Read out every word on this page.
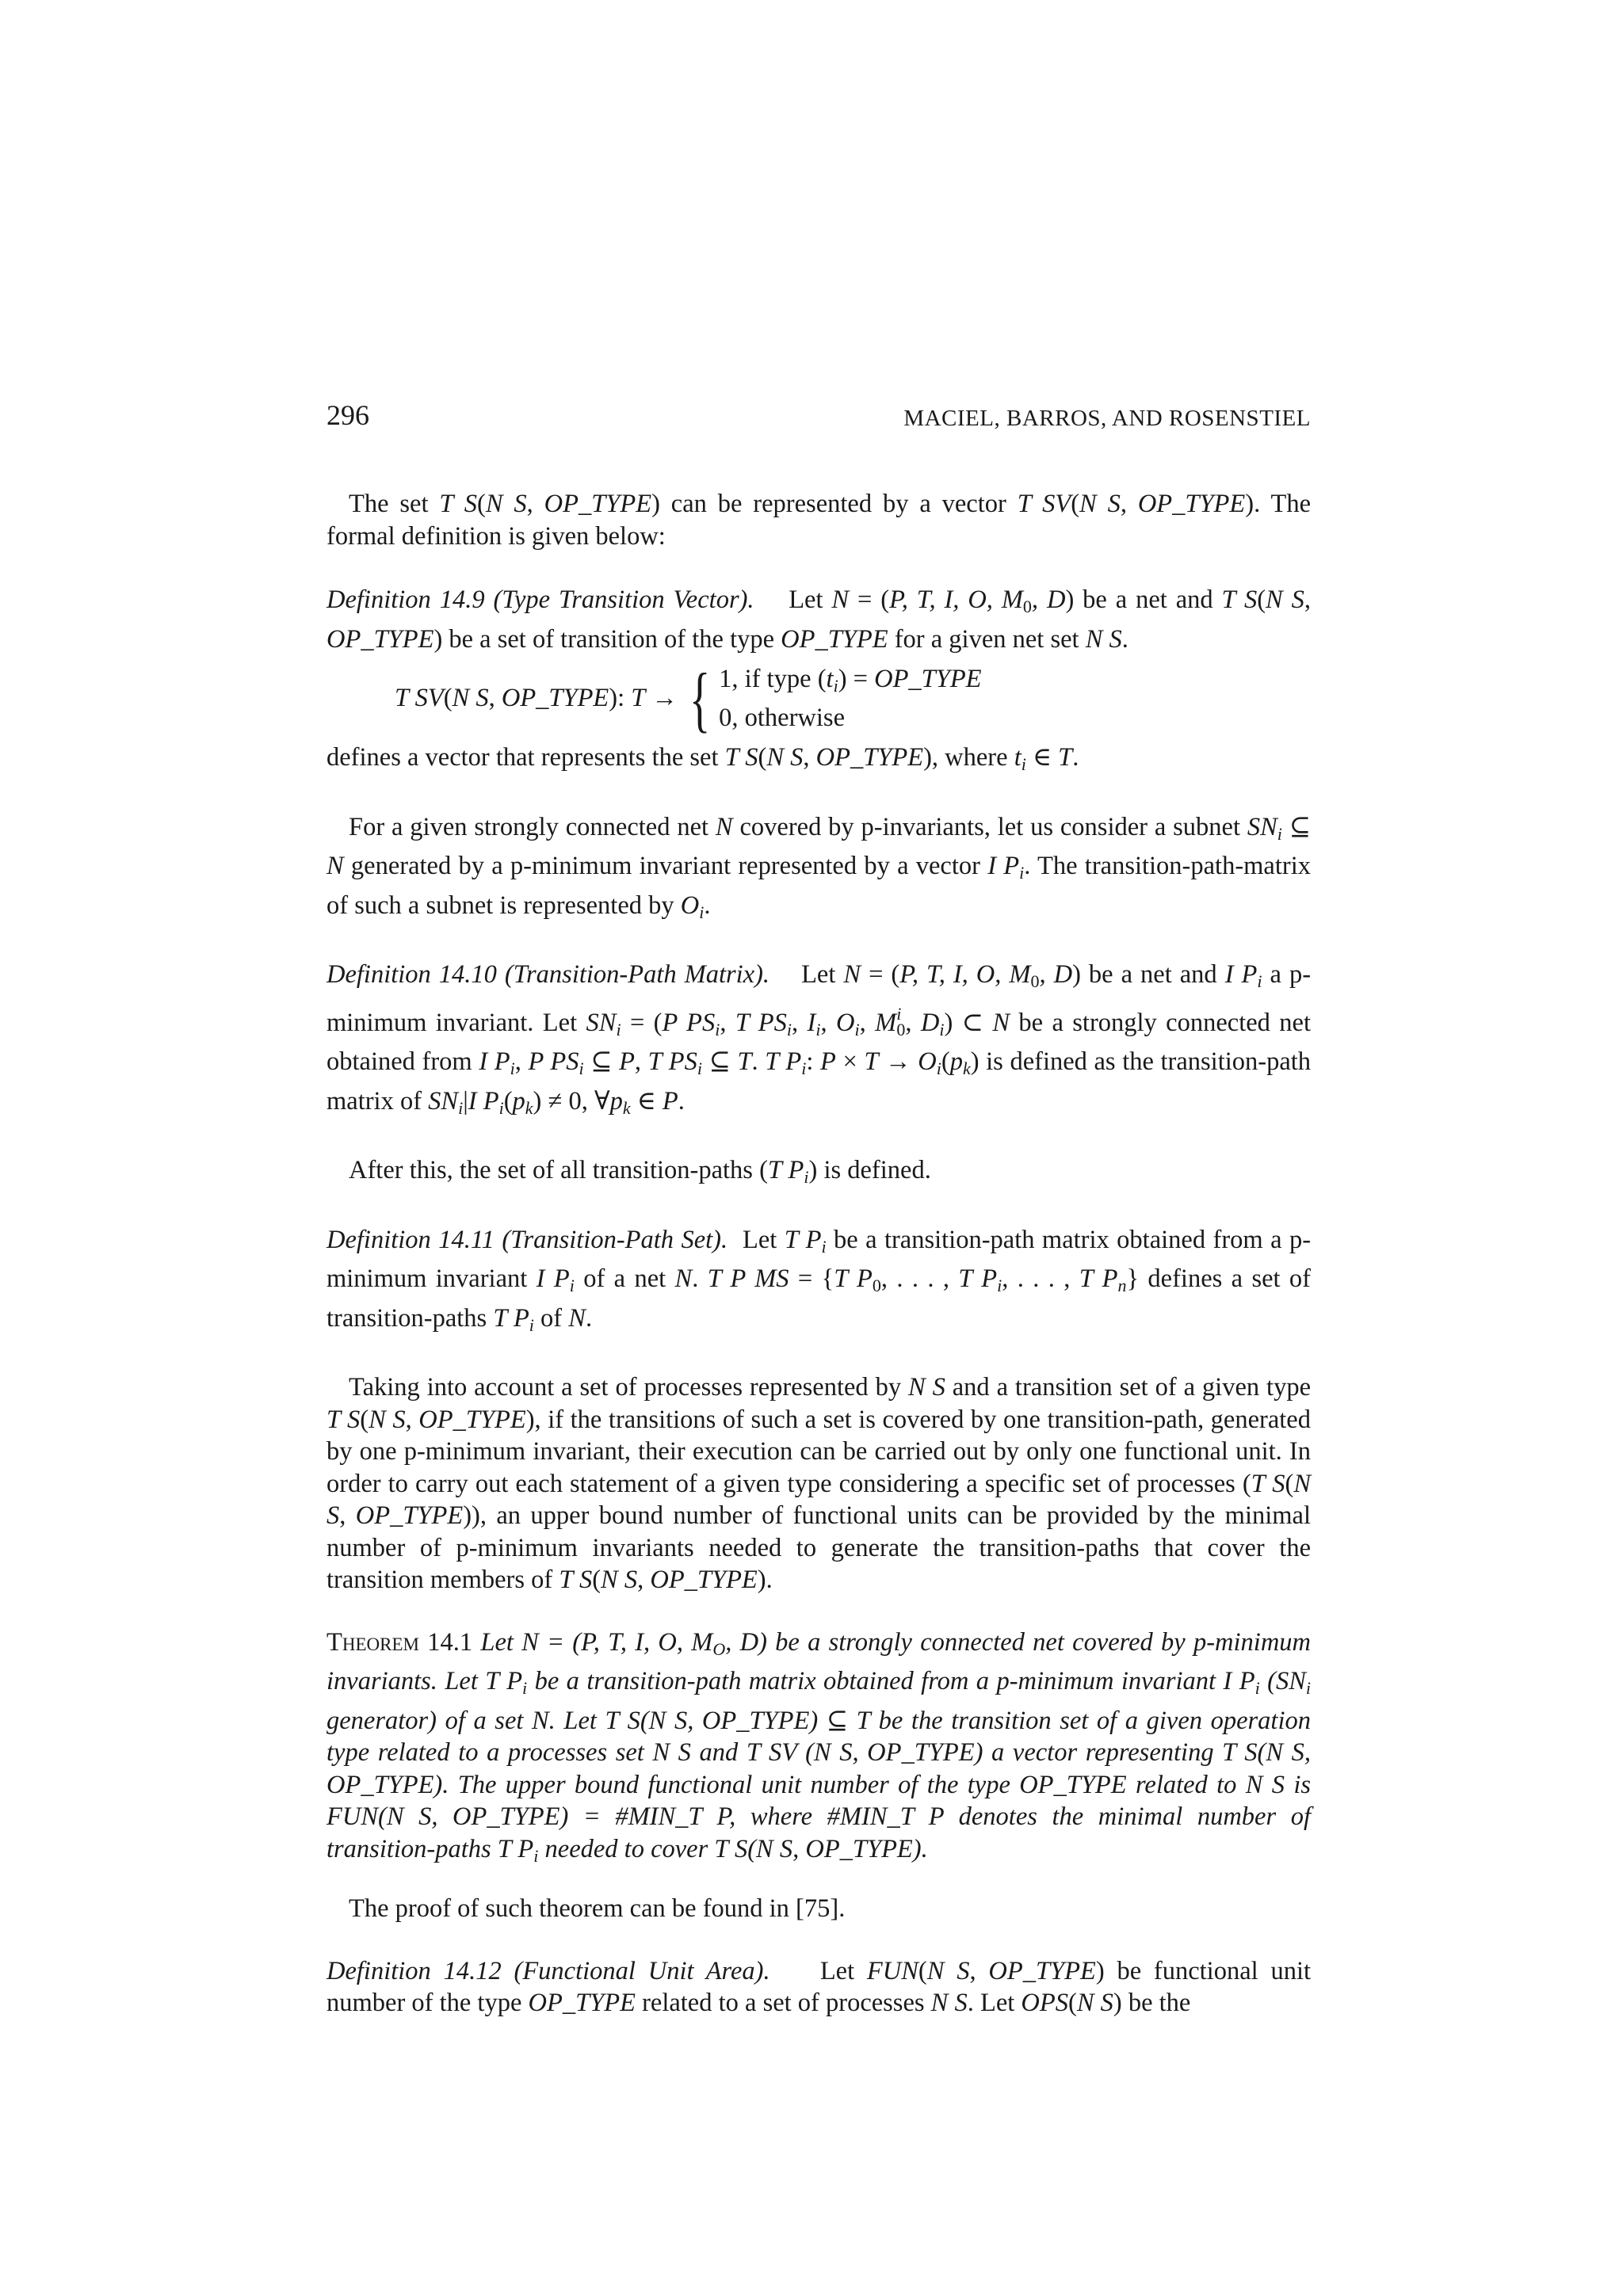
296	MACIEL, BARROS, AND ROSENSTIEL

The set T S(N S, OP_TYPE) can be represented by a vector T SV(N S, OP_TYPE). The formal definition is given below:

Definition 14.9 (Type Transition Vector). Let N = (P, T, I, O, $M_0$, D) be a net and T S(N S, OP_TYPE) be a set of transition of the type OP_TYPE for a given net set N S.

T SV(N S, OP_TYPE): T → { 1, if type $(t_i)$ = OP_TYPE
0, otherwise

defines a vector that represents the set T S(N S, OP_TYPE), where $t_i$ ∈ T.

For a given strongly connected net N covered by p-invariants, let us consider a subnet $SN_i$ ⊆ N generated by a p-minimum invariant represented by a vector I $P_i$. The transition-path-matrix of such a subnet is represented by $O_i$.

Definition 14.10 (Transition-Path Matrix). Let N = (P, T, I, O, $M_0$, D) be a net and I $P_i$ a p-minimum invariant. Let $SN_i = (P$ $PS_i$, T $PS_i$, $I_i$, $O_i$, $M^i_0$, $D_i$) ⊂ N be a strongly connected net obtained from I $P_i$, P $PS_i$ ⊆ P, T $PS_i$ ⊆ T. T $P_i$: $P \times T \to O_i(p_k)$ is defined as the transition-path matrix of $SN_i|I$ $P_i(p_k) \ne 0$, $\forall p_k$ ∈ P.

After this, the set of all transition-paths (T $P_i$) is defined.

Definition 14.11 (Transition-Path Set). Let T $P_i$ be a transition-path matrix obtained from a p-minimum invariant I $P_i$ of a net N. T P MS = {T $P_0$, . . . , T $P_i$, . . . , T $P_n$} defines a set of transition-paths T $P_i$ of N.

Taking into account a set of processes represented by N S and a transition set of a given type T S(N S, OP_TYPE), if the transitions of such a set is covered by one transition-path, generated by one p-minimum invariant, their execution can be carried out by only one functional unit. In order to carry out each statement of a given type considering a specific set of processes (T S(N S, OP_TYPE)), an upper bound number of functional units can be provided by the minimal number of p-minimum invariants needed to generate the transition-paths that cover the transition members of T S(N S, OP_TYPE).

Theorem 14.1 Let N = (P, T, I, O, $M_O$, D) be a strongly connected net covered by p-minimum invariants. Let T $P_i$ be a transition-path matrix obtained from a p-minimum invariant I $P_i$ ($SN_i$ generator) of a set N. Let T S(N S, OP_TYPE) ⊆ T be the transition set of a given operation type related to a processes set N S and T SV (N S, OP_TYPE) a vector representing T S(N S, OP_TYPE). The upper bound functional unit number of the type OP_TYPE related to N S is FUN(N S, OP_TYPE) = #MIN_T P, where #MIN_T P denotes the minimal number of transition-paths T $P_i$ needed to cover T S(N S, OP_TYPE).

The proof of such theorem can be found in [75].

Definition 14.12 (Functional Unit Area). Let FUN(N S, OP_TYPE) be functional unit number of the type OP_TYPE related to a set of processes N S. Let OPS(N S) be the
